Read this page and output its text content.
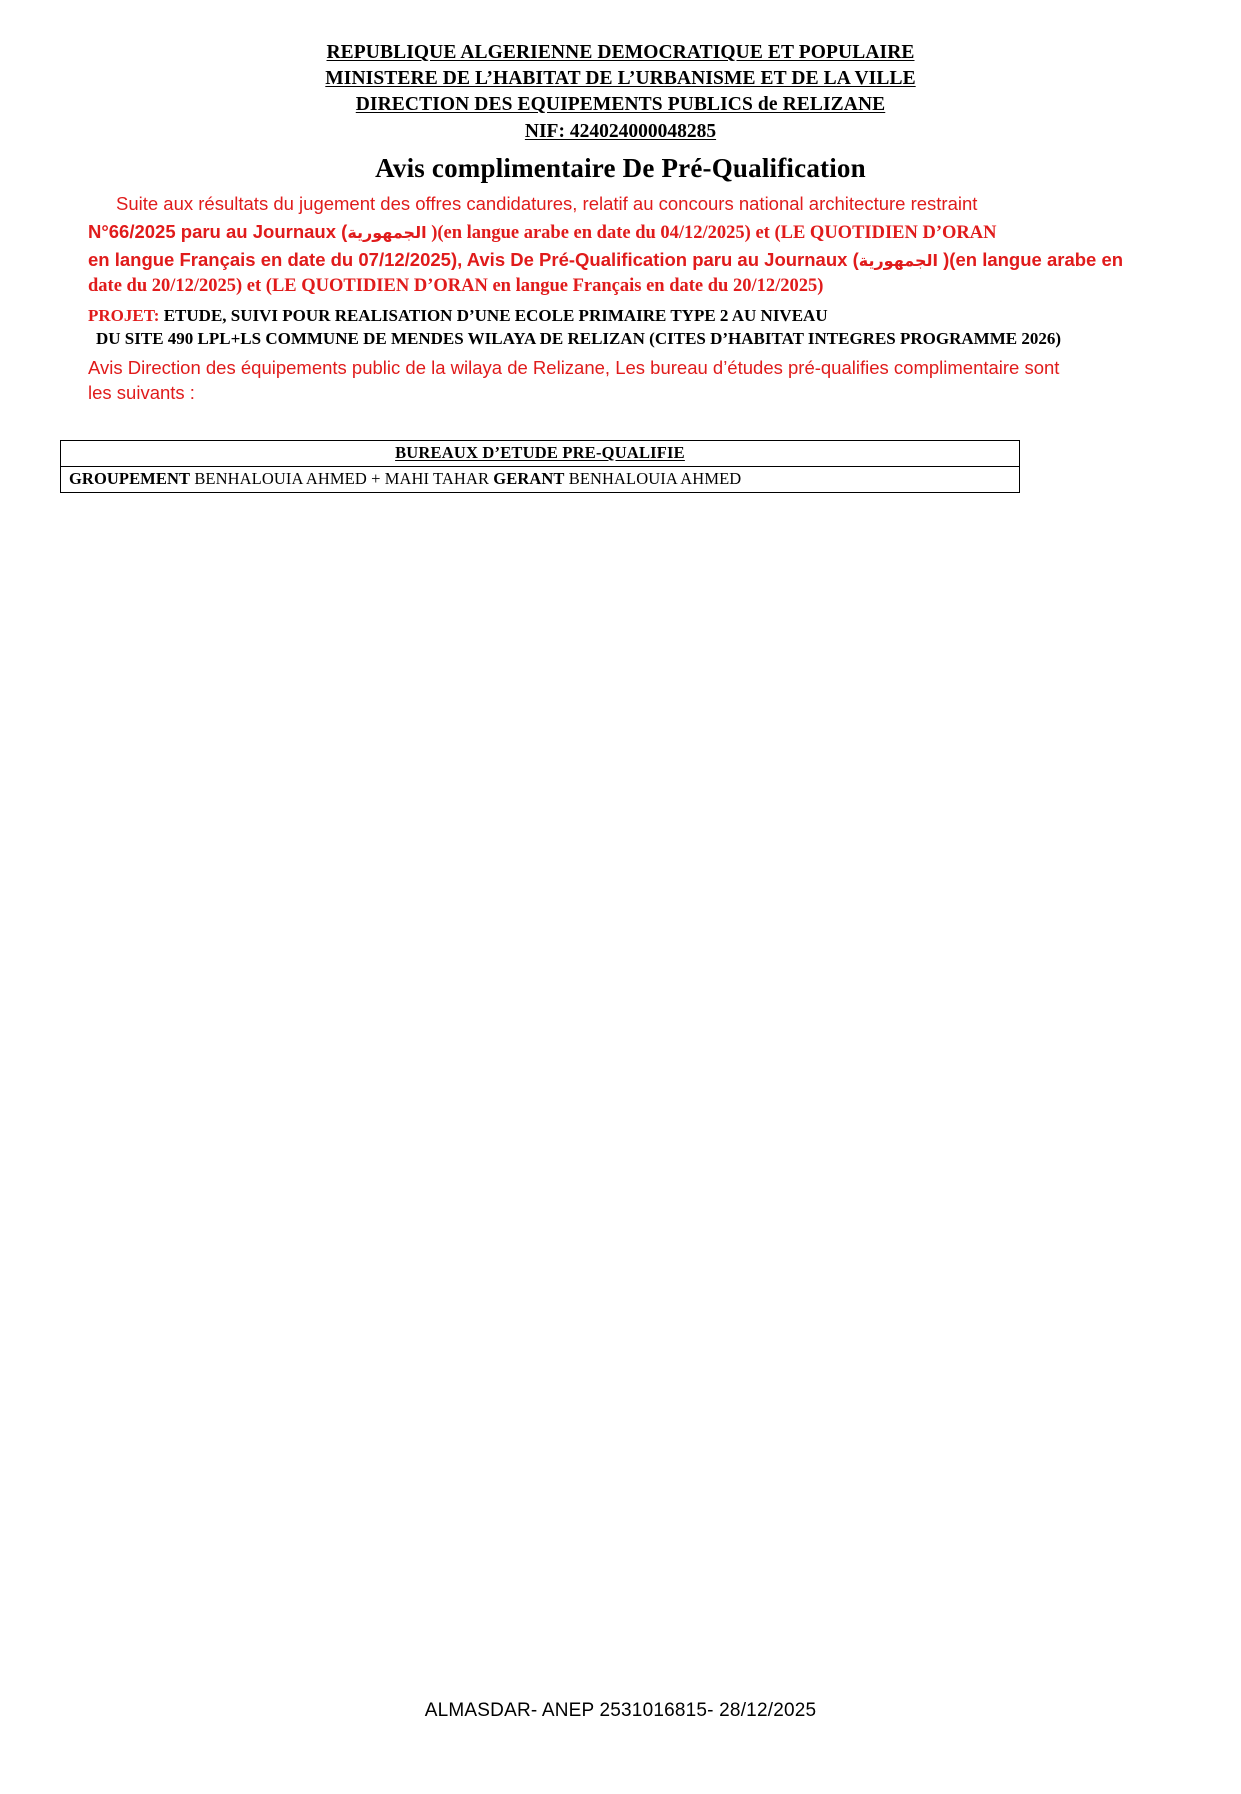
REPUBLIQUE ALGERIENNE DEMOCRATIQUE ET POPULAIRE
MINISTERE DE L’HABITAT DE L’URBANISME ET DE LA VILLE
DIRECTION DES EQUIPEMENTS PUBLICS de RELIZANE
NIF: 424024000048285
Avis complimentaire De Pré-Qualification
Suite aux résultats du jugement des offres candidatures, relatif au concours national architecture restraint
N°66/2025 paru au Journaux (الجمهورية )(en langue arabe en date du 04/12/2025) et (LE QUOTIDIEN D’ORAN
en langue Français en date du 07/12/2025), Avis De Pré-Qualification paru au Journaux (الجمهورية )(en langue arabe en
date du 20/12/2025) et (LE QUOTIDIEN D’ORAN en langue Français en date du 20/12/2025)
PROJET: ETUDE, SUIVI POUR REALISATION D’UNE ECOLE PRIMAIRE TYPE 2 AU NIVEAU
DU SITE 490 LPL+LS COMMUNE DE MENDES WILAYA DE RELIZAN (CITES D’HABITAT INTEGRES PROGRAMME 2026)
Avis Direction des équipements public de la wilaya de Relizane, Les bureau d’études pré-qualifies complimentaire sont
les suivants :
BUREAUX D’ETUDE PRE-QUALIFIE
GROUPEMENT BENHALOUIA AHMED + MAHI TAHAR GERANT BENHALOUIA AHMED
ALMASDAR- ANEP 2531016815- 28/12/2025
